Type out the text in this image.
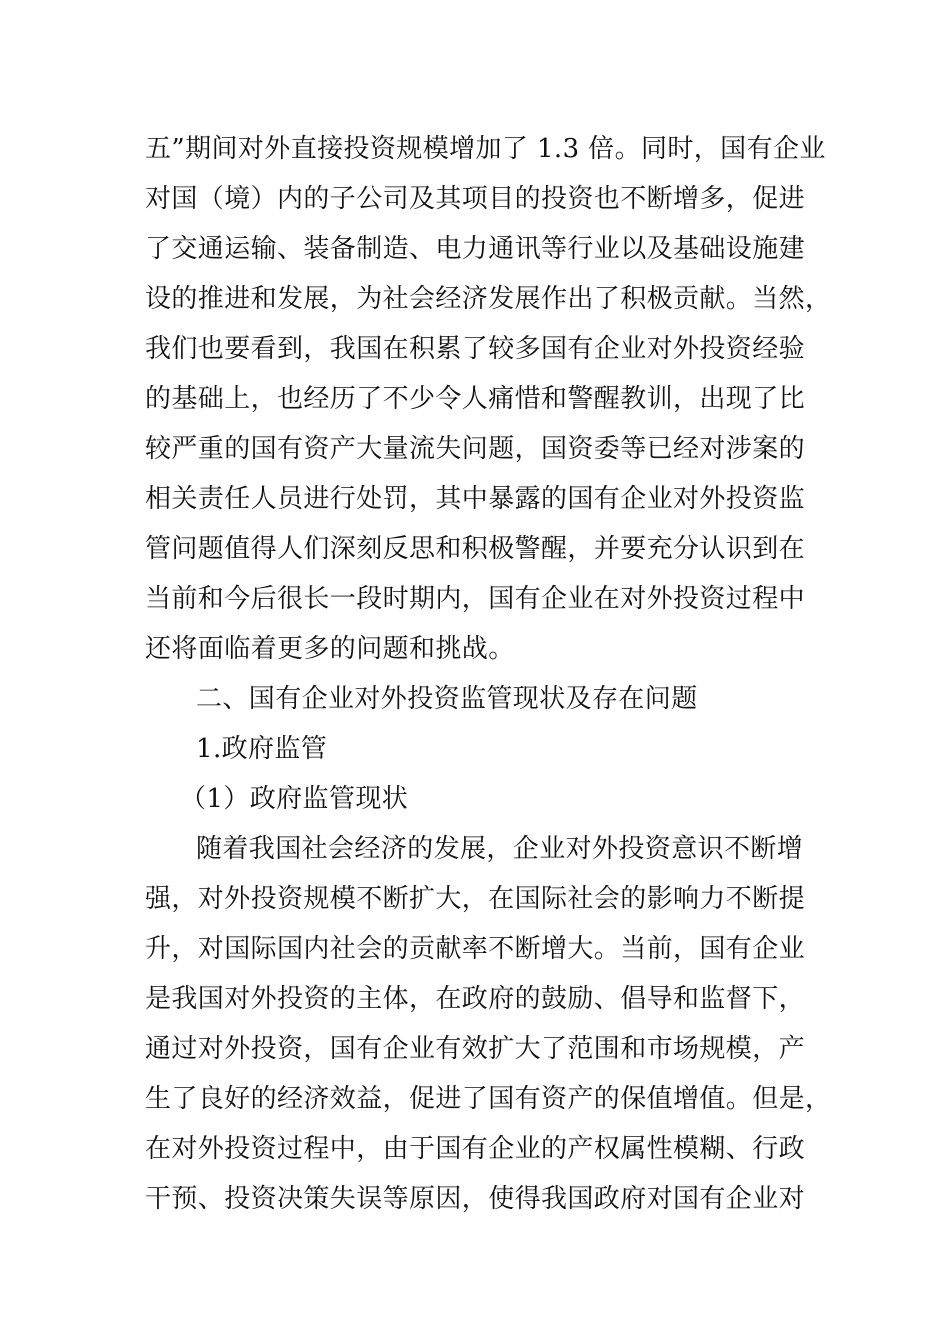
五”期间对外直接投资规模增加了 1.3 倍。同时，国有企业
对国（境）内的子公司及其项目的投资也不断增多，促进
了交通运输、装备制造、电力通讯等行业以及基础设施建
设的推进和发展，为社会经济发展作出了积极贡献。当然，
我们也要看到，我国在积累了较多国有企业对外投资经验
的基础上，也经历了不少令人痛惜和警醒教训，出现了比
较严重的国有资产大量流失问题，国资委等已经对涉案的
相关责任人员进行处罚，其中暴露的国有企业对外投资监
管问题值得人们深刻反思和积极警醒，并要充分认识到在
当前和今后很长一段时期内，国有企业在对外投资过程中
还将面临着更多的问题和挑战。
二、国有企业对外投资监管现状及存在问题
1.政府监管
（1）政府监管现状
随着我国社会经济的发展，企业对外投资意识不断增
强，对外投资规模不断扩大，在国际社会的影响力不断提
升，对国际国内社会的贡献率不断增大。当前，国有企业
是我国对外投资的主体，在政府的鼓励、倡导和监督下，
通过对外投资，国有企业有效扩大了范围和市场规模，产
生了良好的经济效益，促进了国有资产的保值增值。但是，
在对外投资过程中，由于国有企业的产权属性模糊、行政
干预、投资决策失误等原因，使得我国政府对国有企业对
